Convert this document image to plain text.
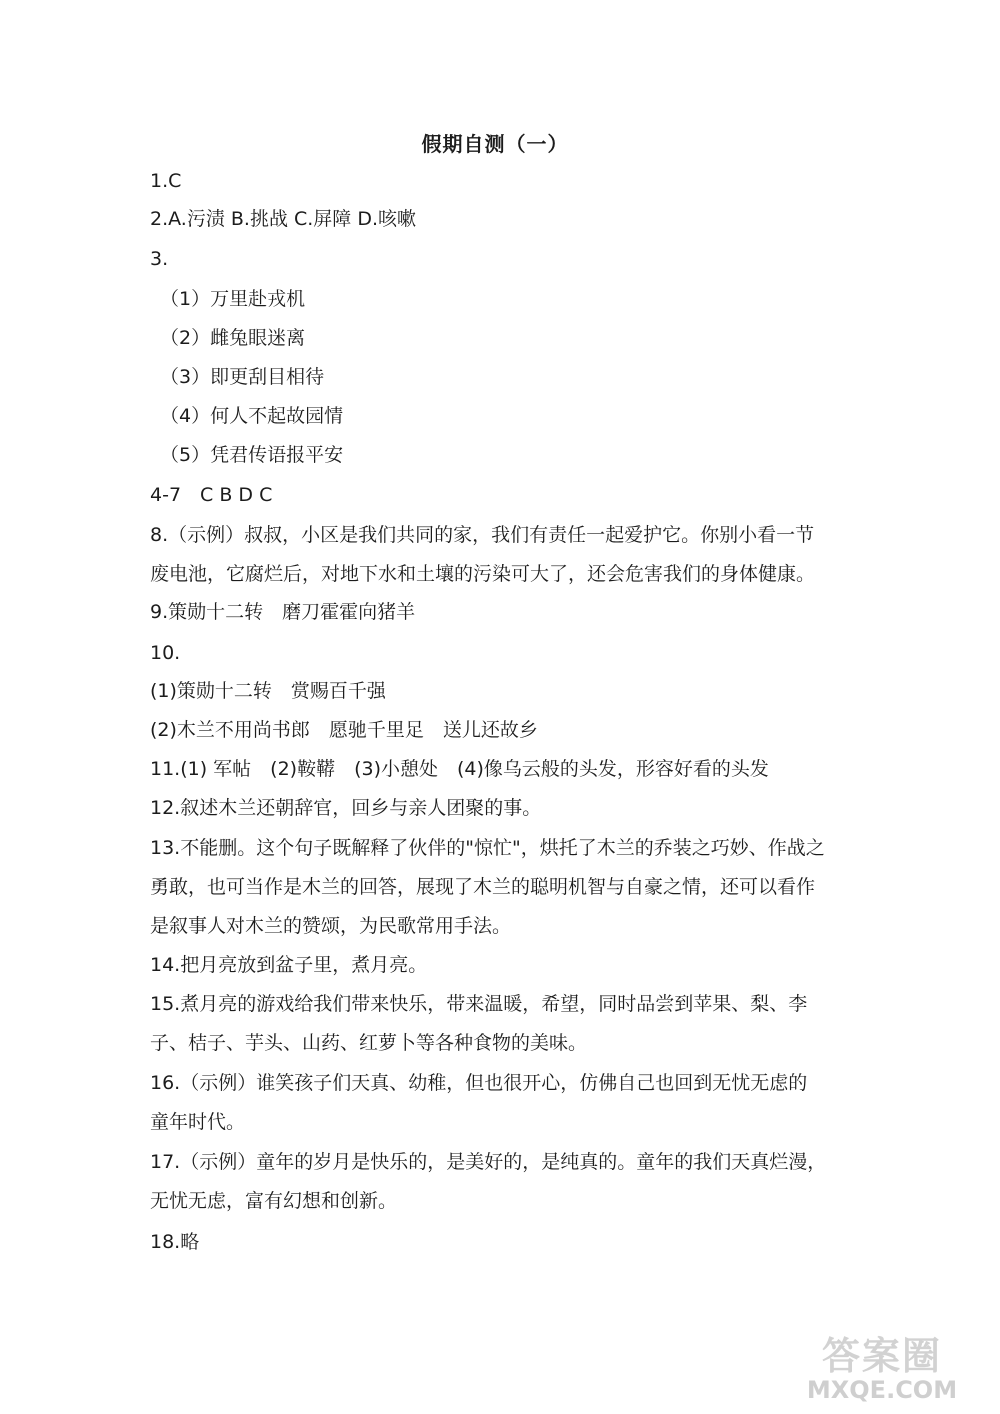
假期自测（一）
1.C
2.A.污渍 B.挑战 C.屏障 D.咳嗽
3.
（1）万里赴戎机
（2）雌兔眼迷离
（3）即更刮目相待
（4）何人不起故园情
（5）凭君传语报平安
4-7　C B D C
8.（示例）叔叔，小区是我们共同的家，我们有责任一起爱护它。你别小看一节
废电池，它腐烂后，对地下水和土壤的污染可大了，还会危害我们的身体健康。
9.策勋十二转　磨刀霍霍向猪羊
10.
(1)策勋十二转　赏赐百千强
(2)木兰不用尚书郎　愿驰千里足　送儿还故乡
11.(1) 军帖　(2)鞍鞯　(3)小憩处　(4)像乌云般的头发，形容好看的头发
12.叙述木兰还朝辞官，回乡与亲人团聚的事。
13.不能删。这个句子既解释了伙伴的"惊忙"，烘托了木兰的乔装之巧妙、作战之
勇敢，也可当作是木兰的回答，展现了木兰的聪明机智与自豪之情，还可以看作
是叙事人对木兰的赞颂，为民歌常用手法。
14.把月亮放到盆子里，煮月亮。
15.煮月亮的游戏给我们带来快乐，带来温暖，希望，同时品尝到苹果、梨、李
子、桔子、芋头、山药、红萝卜等各种食物的美味。
16.（示例）谁笑孩子们天真、幼稚，但也很开心，仿佛自己也回到无忧无虑的
童年时代。
17.（示例）童年的岁月是快乐的，是美好的，是纯真的。童年的我们天真烂漫，
无忧无虑，富有幻想和创新。
18.略
答案圈
MXQE.COM
